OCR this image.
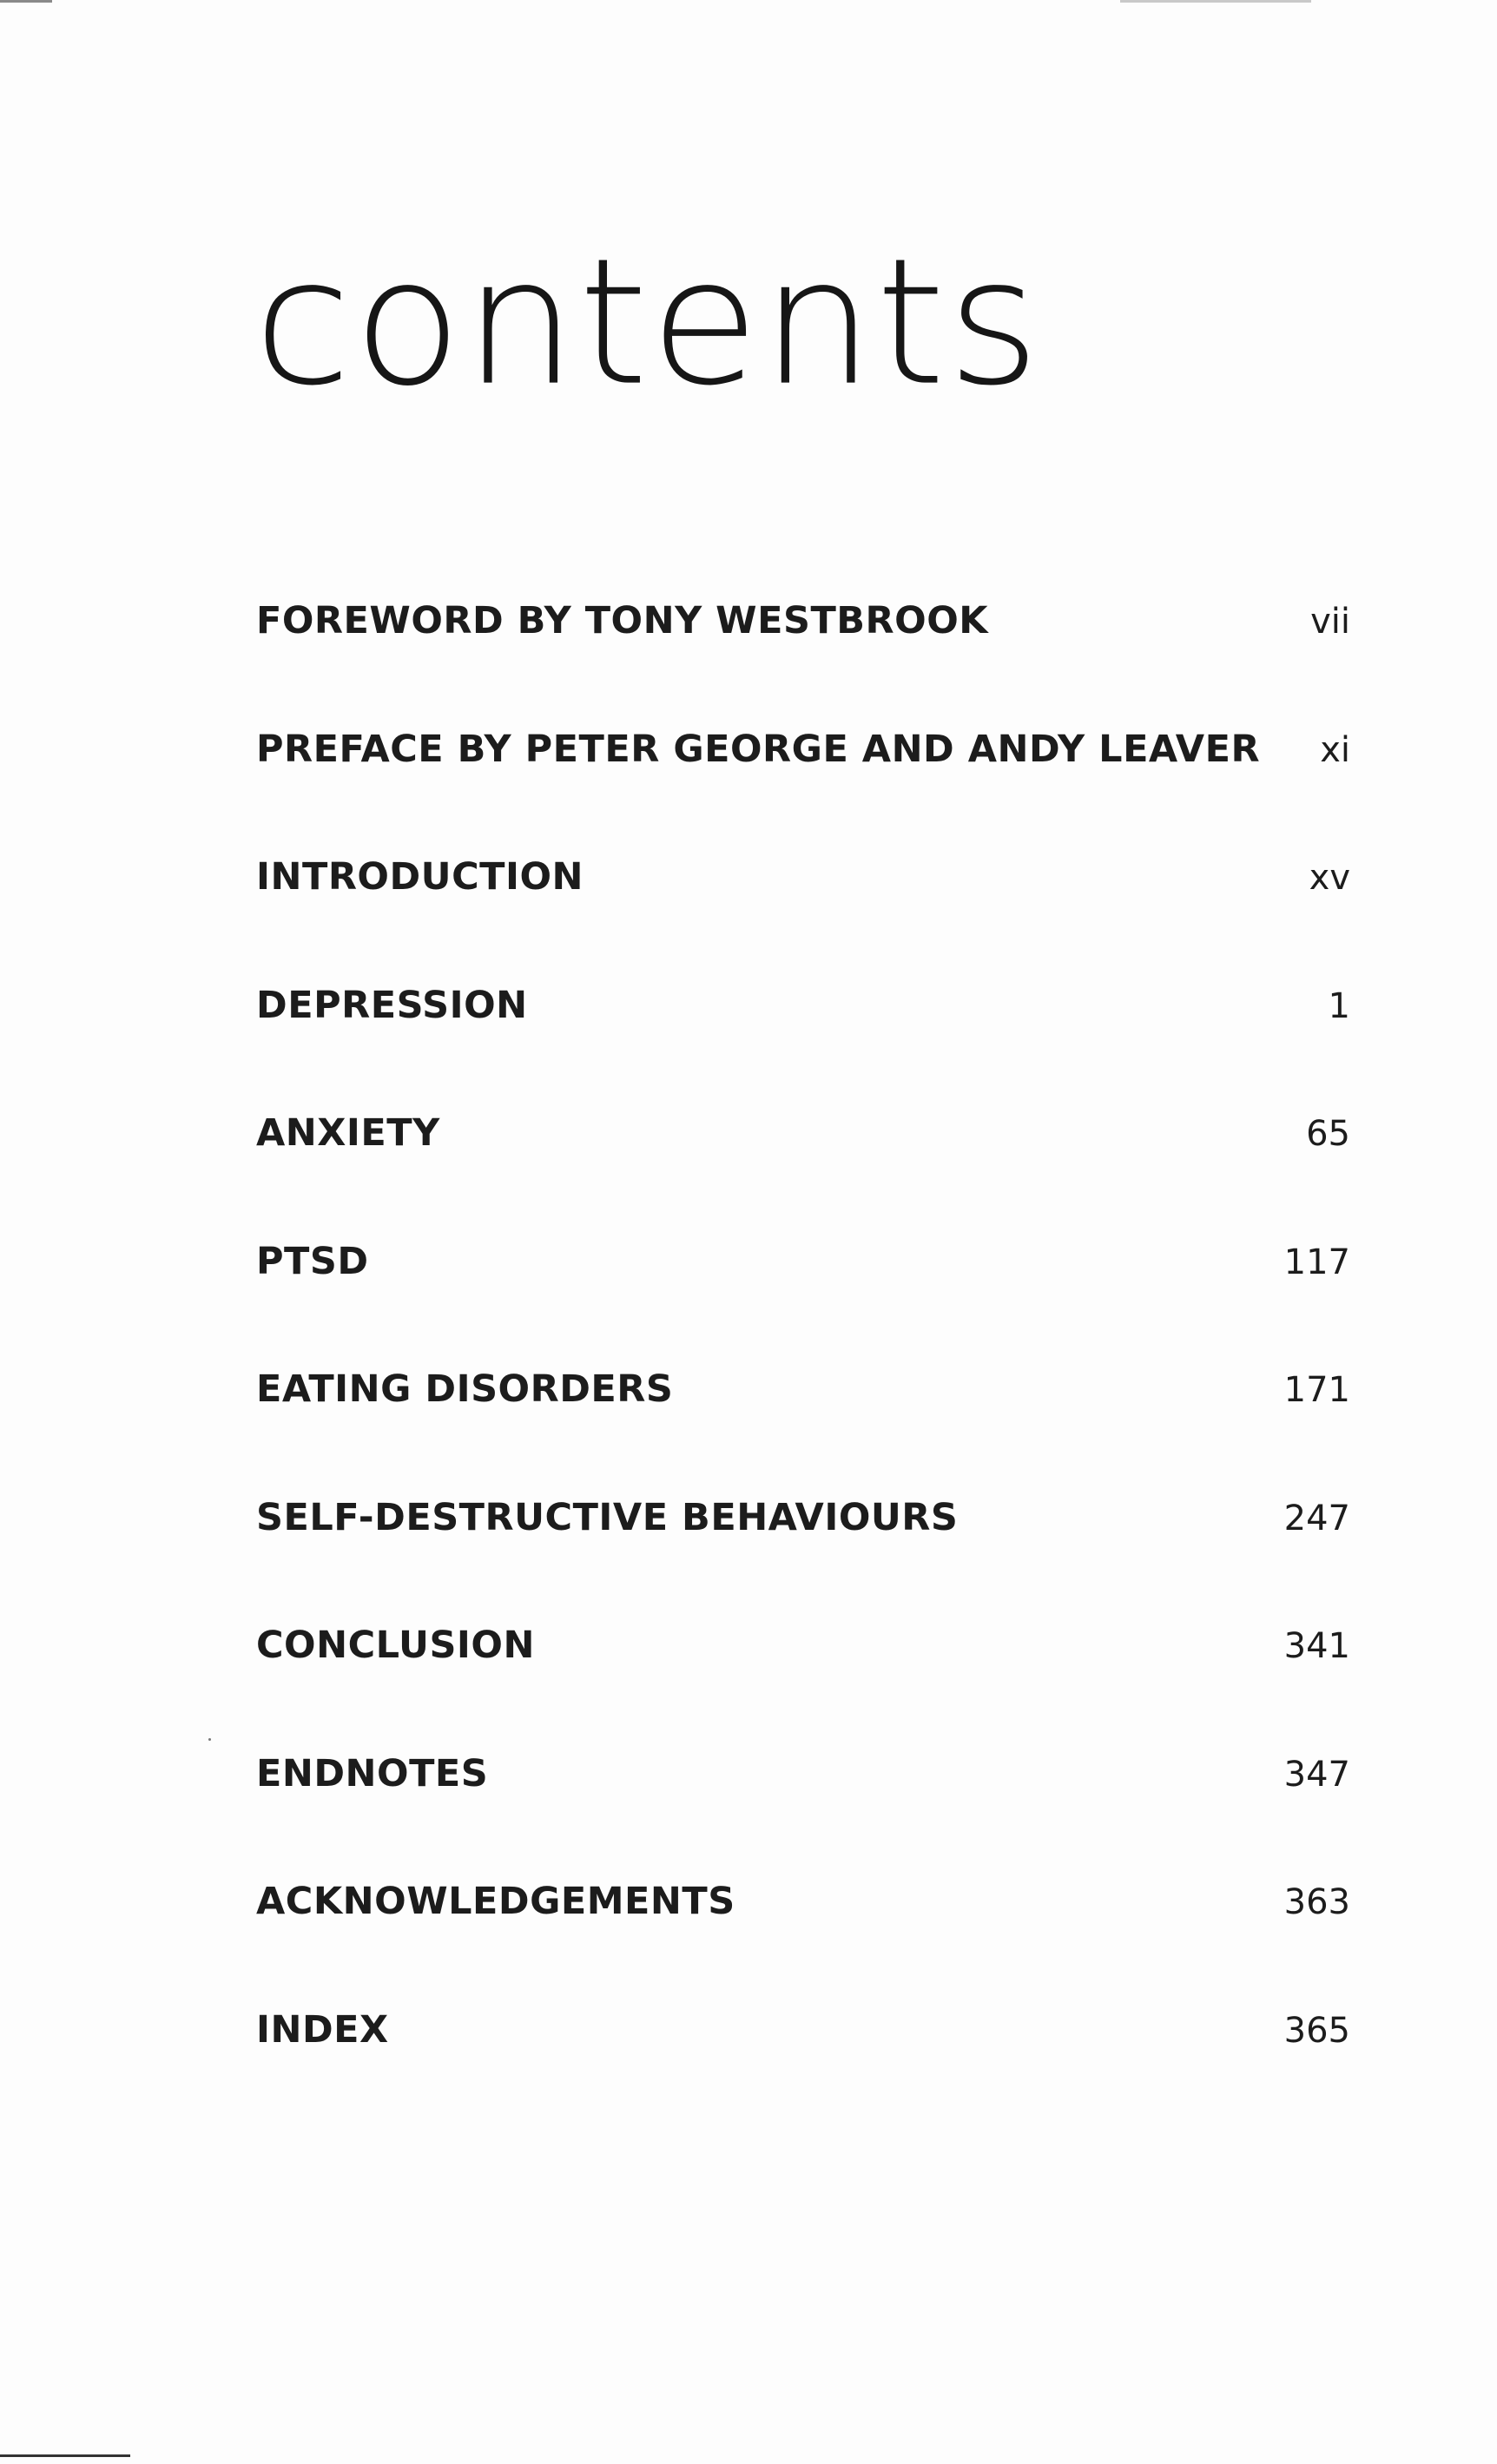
contents
FOREWORD BY TONY WESTBROOK	vii
PREFACE BY PETER GEORGE AND ANDY LEAVER xi
INTRODUCTION	xv
DEPRESSION	1
ANXIETY	65
PTSD	117
EATING DISORDERS	171
SELF-DESTRUCTIVE BEHAVIOURS	247
CONCLUSION	341
ENDNOTES	347
ACKNOWLEDGEMENTS	363
INDEX	365
